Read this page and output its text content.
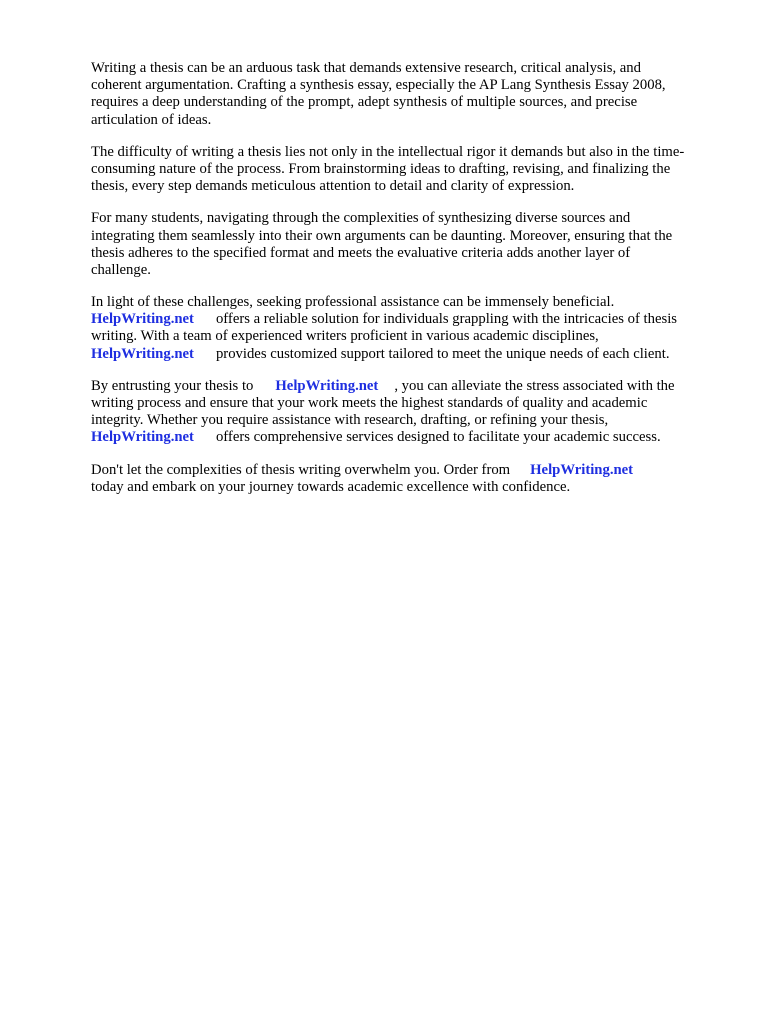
Writing a thesis can be an arduous task that demands extensive research, critical analysis, and
coherent argumentation. Crafting a synthesis essay, especially the AP Lang Synthesis Essay 2008,
requires a deep understanding of the prompt, adept synthesis of multiple sources, and precise
articulation of ideas.
The difficulty of writing a thesis lies not only in the intellectual rigor it demands but also in the time-
consuming nature of the process. From brainstorming ideas to drafting, revising, and finalizing the
thesis, every step demands meticulous attention to detail and clarity of expression.
For many students, navigating through the complexities of synthesizing diverse sources and
integrating them seamlessly into their own arguments can be daunting. Moreover, ensuring that the
thesis adheres to the specified format and meets the evaluative criteria adds another layer of
challenge.
In light of these challenges, seeking professional assistance can be immensely beneficial.
HelpWriting.net offers a reliable solution for individuals grappling with the intricacies of thesis
writing. With a team of experienced writers proficient in various academic disciplines,
HelpWriting.net provides customized support tailored to meet the unique needs of each client.
By entrusting your thesis to HelpWriting.net , you can alleviate the stress associated with the
writing process and ensure that your work meets the highest standards of quality and academic
integrity. Whether you require assistance with research, drafting, or refining your thesis,
HelpWriting.net offers comprehensive services designed to facilitate your academic success.
Don't let the complexities of thesis writing overwhelm you. Order from HelpWriting.net
today and embark on your journey towards academic excellence with confidence.
